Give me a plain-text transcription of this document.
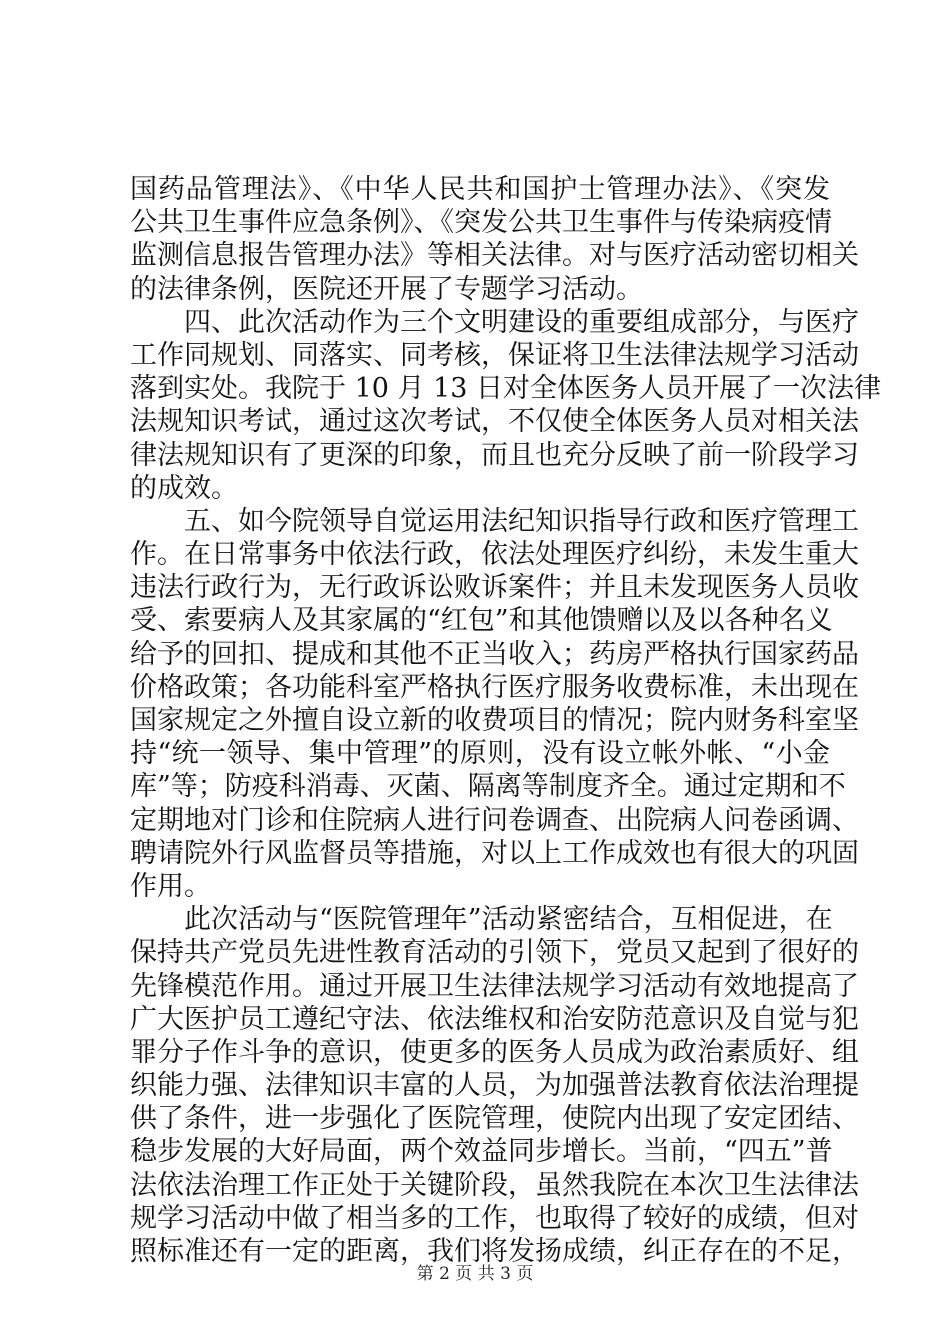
国药品管理法》、《中华人民共和国护士管理办法》、《突发
公共卫生事件应急条例》、《突发公共卫生事件与传染病疫情
监测信息报告管理办法》等相关法律。对与医疗活动密切相关
的法律条例，医院还开展了专题学习活动。
四、此次活动作为三个文明建设的重要组成部分，与医疗
工作同规划、同落实、同考核，保证将卫生法律法规学习活动
落到实处。我院于 10 月 13 日对全体医务人员开展了一次法律
法规知识考试，通过这次考试，不仅使全体医务人员对相关法
律法规知识有了更深的印象，而且也充分反映了前一阶段学习
的成效。
五、如今院领导自觉运用法纪知识指导行政和医疗管理工
作。在日常事务中依法行政，依法处理医疗纠纷，未发生重大
违法行政行为，无行政诉讼败诉案件；并且未发现医务人员收
受、索要病人及其家属的“红包”和其他馈赠以及以各种名义
给予的回扣、提成和其他不正当收入；药房严格执行国家药品
价格政策；各功能科室严格执行医疗服务收费标准，未出现在
国家规定之外擅自设立新的收费项目的情况；院内财务科室坚
持“统一领导、集中管理”的原则，没有设立帐外帐、“小金
库”等；防疫科消毒、灭菌、隔离等制度齐全。通过定期和不
定期地对门诊和住院病人进行问卷调查、出院病人问卷函调、
聘请院外行风监督员等措施，对以上工作成效也有很大的巩固
作用。
此次活动与“医院管理年”活动紧密结合，互相促进，在
保持共产党员先进性教育活动的引领下，党员又起到了很好的
先锋模范作用。通过开展卫生法律法规学习活动有效地提高了
广大医护员工遵纪守法、依法维权和治安防范意识及自觉与犯
罪分子作斗争的意识，使更多的医务人员成为政治素质好、组
织能力强、法律知识丰富的人员，为加强普法教育依法治理提
供了条件，进一步强化了医院管理，使院内出现了安定团结、
稳步发展的大好局面，两个效益同步增长。当前，“四五”普
法依法治理工作正处于关键阶段，虽然我院在本次卫生法律法
规学习活动中做了相当多的工作，也取得了较好的成绩，但对
照标准还有一定的距离，我们将发扬成绩，纠正存在的不足，
第 2 页 共 3 页
